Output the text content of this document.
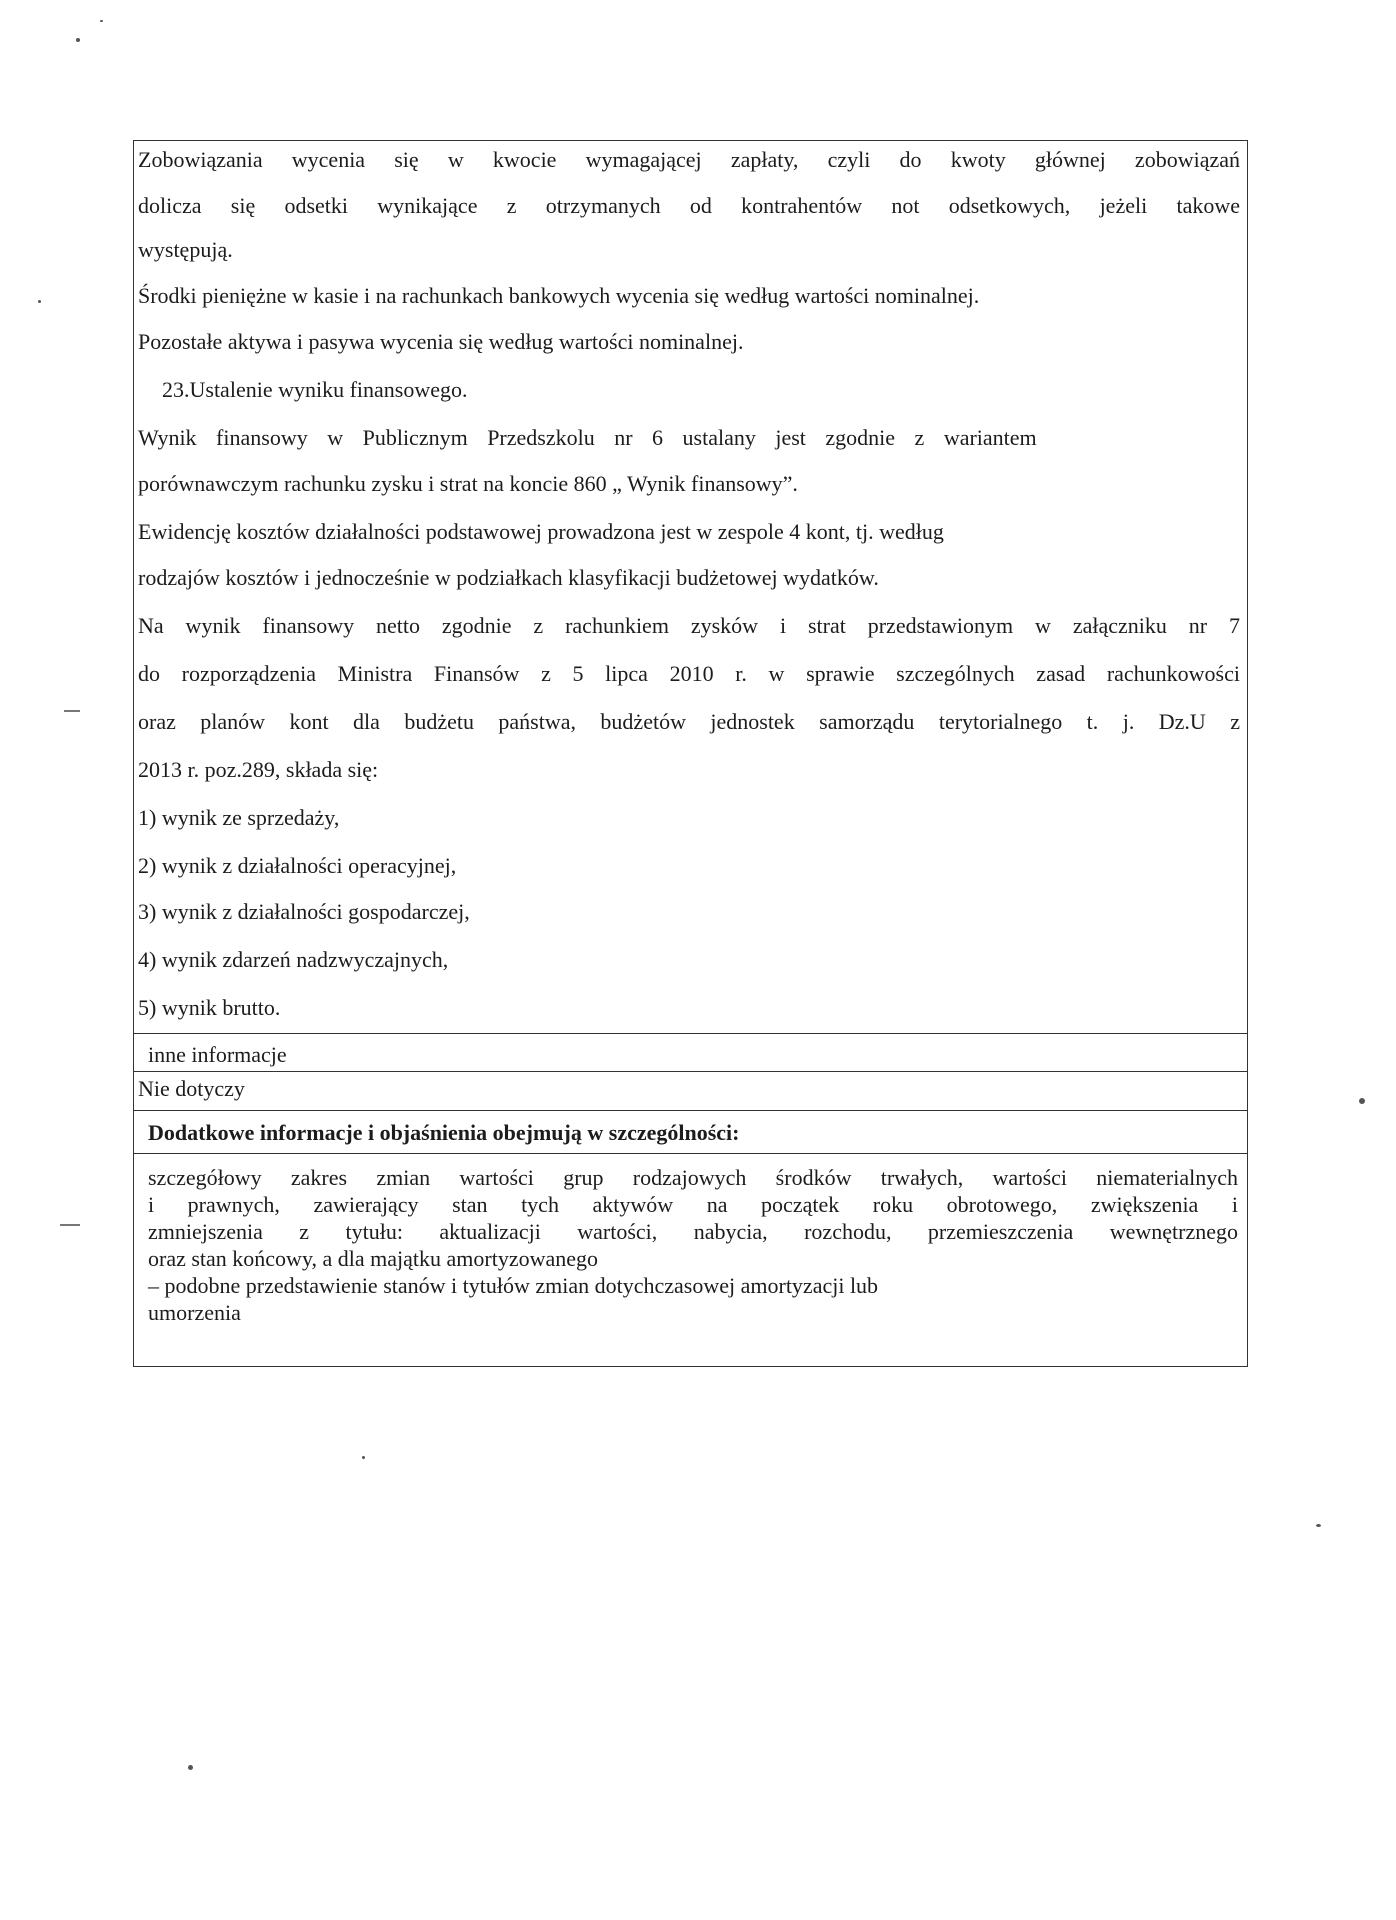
Zobowiązania wycenia się w kwocie wymagającej zapłaty, czyli do kwoty głównej zobowiązań
dolicza się odsetki wynikające z otrzymanych od kontrahentów not odsetkowych, jeżeli takowe
występują.
Środki pieniężne w kasie i na rachunkach bankowych wycenia się według wartości nominalnej.
Pozostałe aktywa i pasywa wycenia się według wartości nominalnej.
23.Ustalenie wyniku finansowego.
Wynik finansowy w Publicznym Przedszkolu nr 6 ustalany jest zgodnie z wariantem
porównawczym rachunku zysku i strat na koncie 860 „ Wynik finansowy”.
Ewidencję kosztów działalności podstawowej prowadzona jest w zespole 4 kont, tj. według
rodzajów kosztów i jednocześnie w podziałkach klasyfikacji budżetowej wydatków.
Na wynik finansowy netto zgodnie z rachunkiem zysków i strat przedstawionym w załączniku nr 7
do rozporządzenia Ministra Finansów z 5 lipca 2010 r. w sprawie szczególnych zasad rachunkowości
oraz planów kont dla budżetu państwa, budżetów jednostek samorządu terytorialnego t. j. Dz.U z
2013 r. poz.289, składa się:
1) wynik ze sprzedaży,
2) wynik z działalności operacyjnej,
3) wynik z działalności gospodarczej,
4) wynik zdarzeń nadzwyczajnych,
5) wynik brutto.
inne informacje
Nie dotyczy
Dodatkowe informacje i objaśnienia obejmują w szczególności:
szczegółowy zakres zmian wartości grup rodzajowych środków trwałych, wartości niematerialnych
i prawnych, zawierający stan tych aktywów na początek roku obrotowego, zwiększenia i
zmniejszenia z tytułu: aktualizacji wartości, nabycia, rozchodu, przemieszczenia wewnętrznego
oraz stan końcowy, a dla majątku amortyzowanego
– podobne przedstawienie stanów i tytułów zmian dotychczasowej amortyzacji lub
umorzenia
